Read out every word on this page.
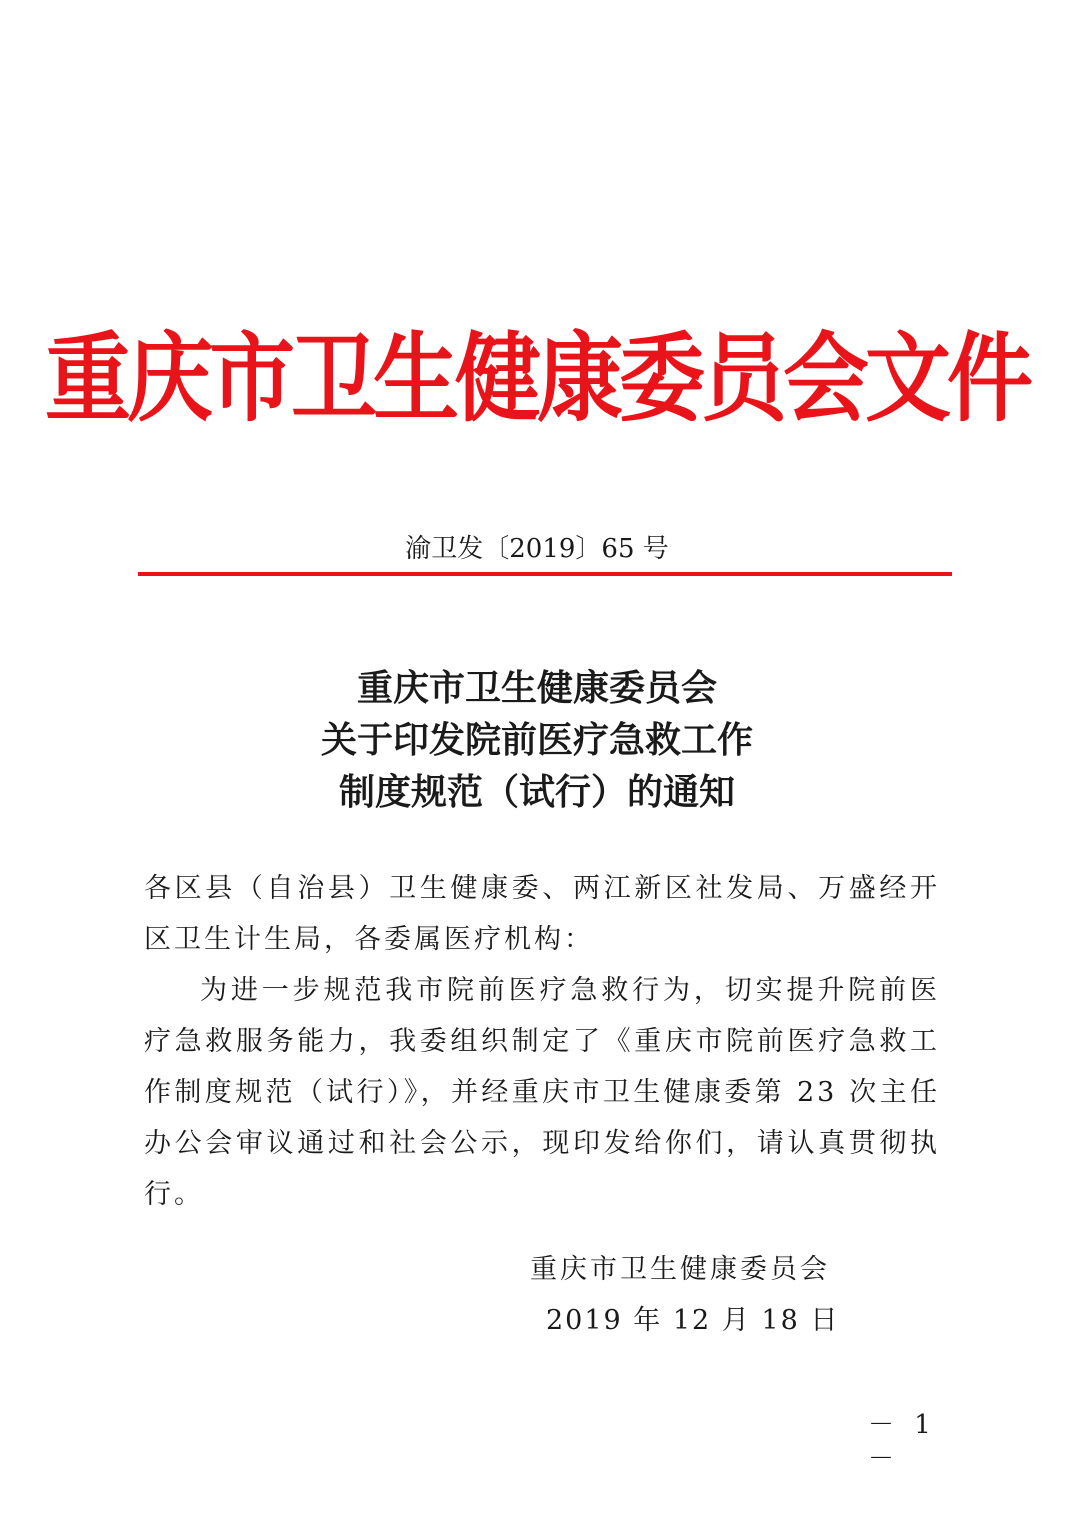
重庆市卫生健康委员会文件
渝卫发〔2019〕65 号
重庆市卫生健康委员会
关于印发院前医疗急救工作
制度规范（试行）的通知

各区县（自治县）卫生健康委、两江新区社发局、万盛经开区卫生计生局，各委属医疗机构：

为进一步规范我市院前医疗急救行为，切实提升院前医疗急救服务能力，我委组织制定了《重庆市院前医疗急救工作制度规范（试行）》，并经重庆市卫生健康委第 23 次主任办公会审议通过和社会公示，现印发给你们，请认真贯彻执行。

重庆市卫生健康委员会
2019 年 12 月 18 日
－ 1 －
